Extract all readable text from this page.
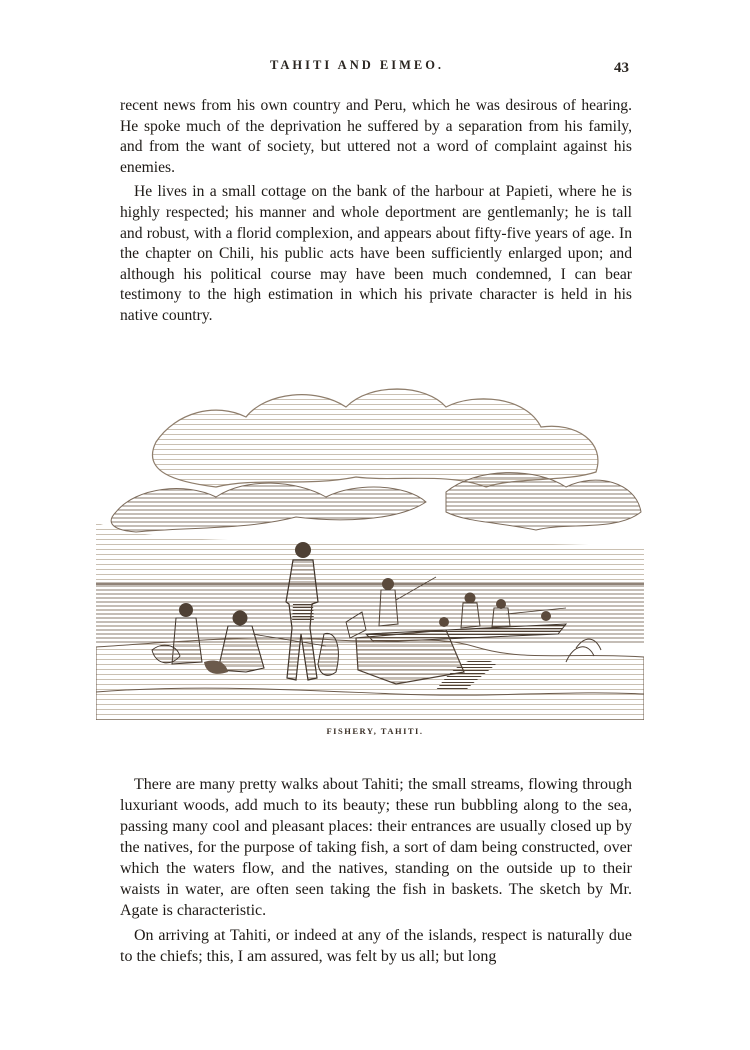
TAHITI AND EIMEO.	43

recent news from his own country and Peru, which he was desirous of hearing. He spoke much of the deprivation he suffered by a separation from his family, and from the want of society, but uttered not a word of complaint against his enemies.

He lives in a small cottage on the bank of the harbour at Papieti, where he is highly respected; his manner and whole deportment are gentlemanly; he is tall and robust, with a florid complexion, and appears about fifty-five years of age. In the chapter on Chili, his public acts have been sufficiently enlarged upon; and although his political course may have been much condemned, I can bear testimony to the high estimation in which his private character is held in his native country.

FISHERY, TAHITI.

There are many pretty walks about Tahiti; the small streams, flowing through luxuriant woods, add much to its beauty; these run bubbling along to the sea, passing many cool and pleasant places: their entrances are usually closed up by the natives, for the purpose of taking fish, a sort of dam being constructed, over which the waters flow, and the natives, standing on the outside up to their waists in water, are often seen taking the fish in baskets. The sketch by Mr. Agate is characteristic.

On arriving at Tahiti, or indeed at any of the islands, respect is naturally due to the chiefs; this, I am assured, was felt by us all; but long
